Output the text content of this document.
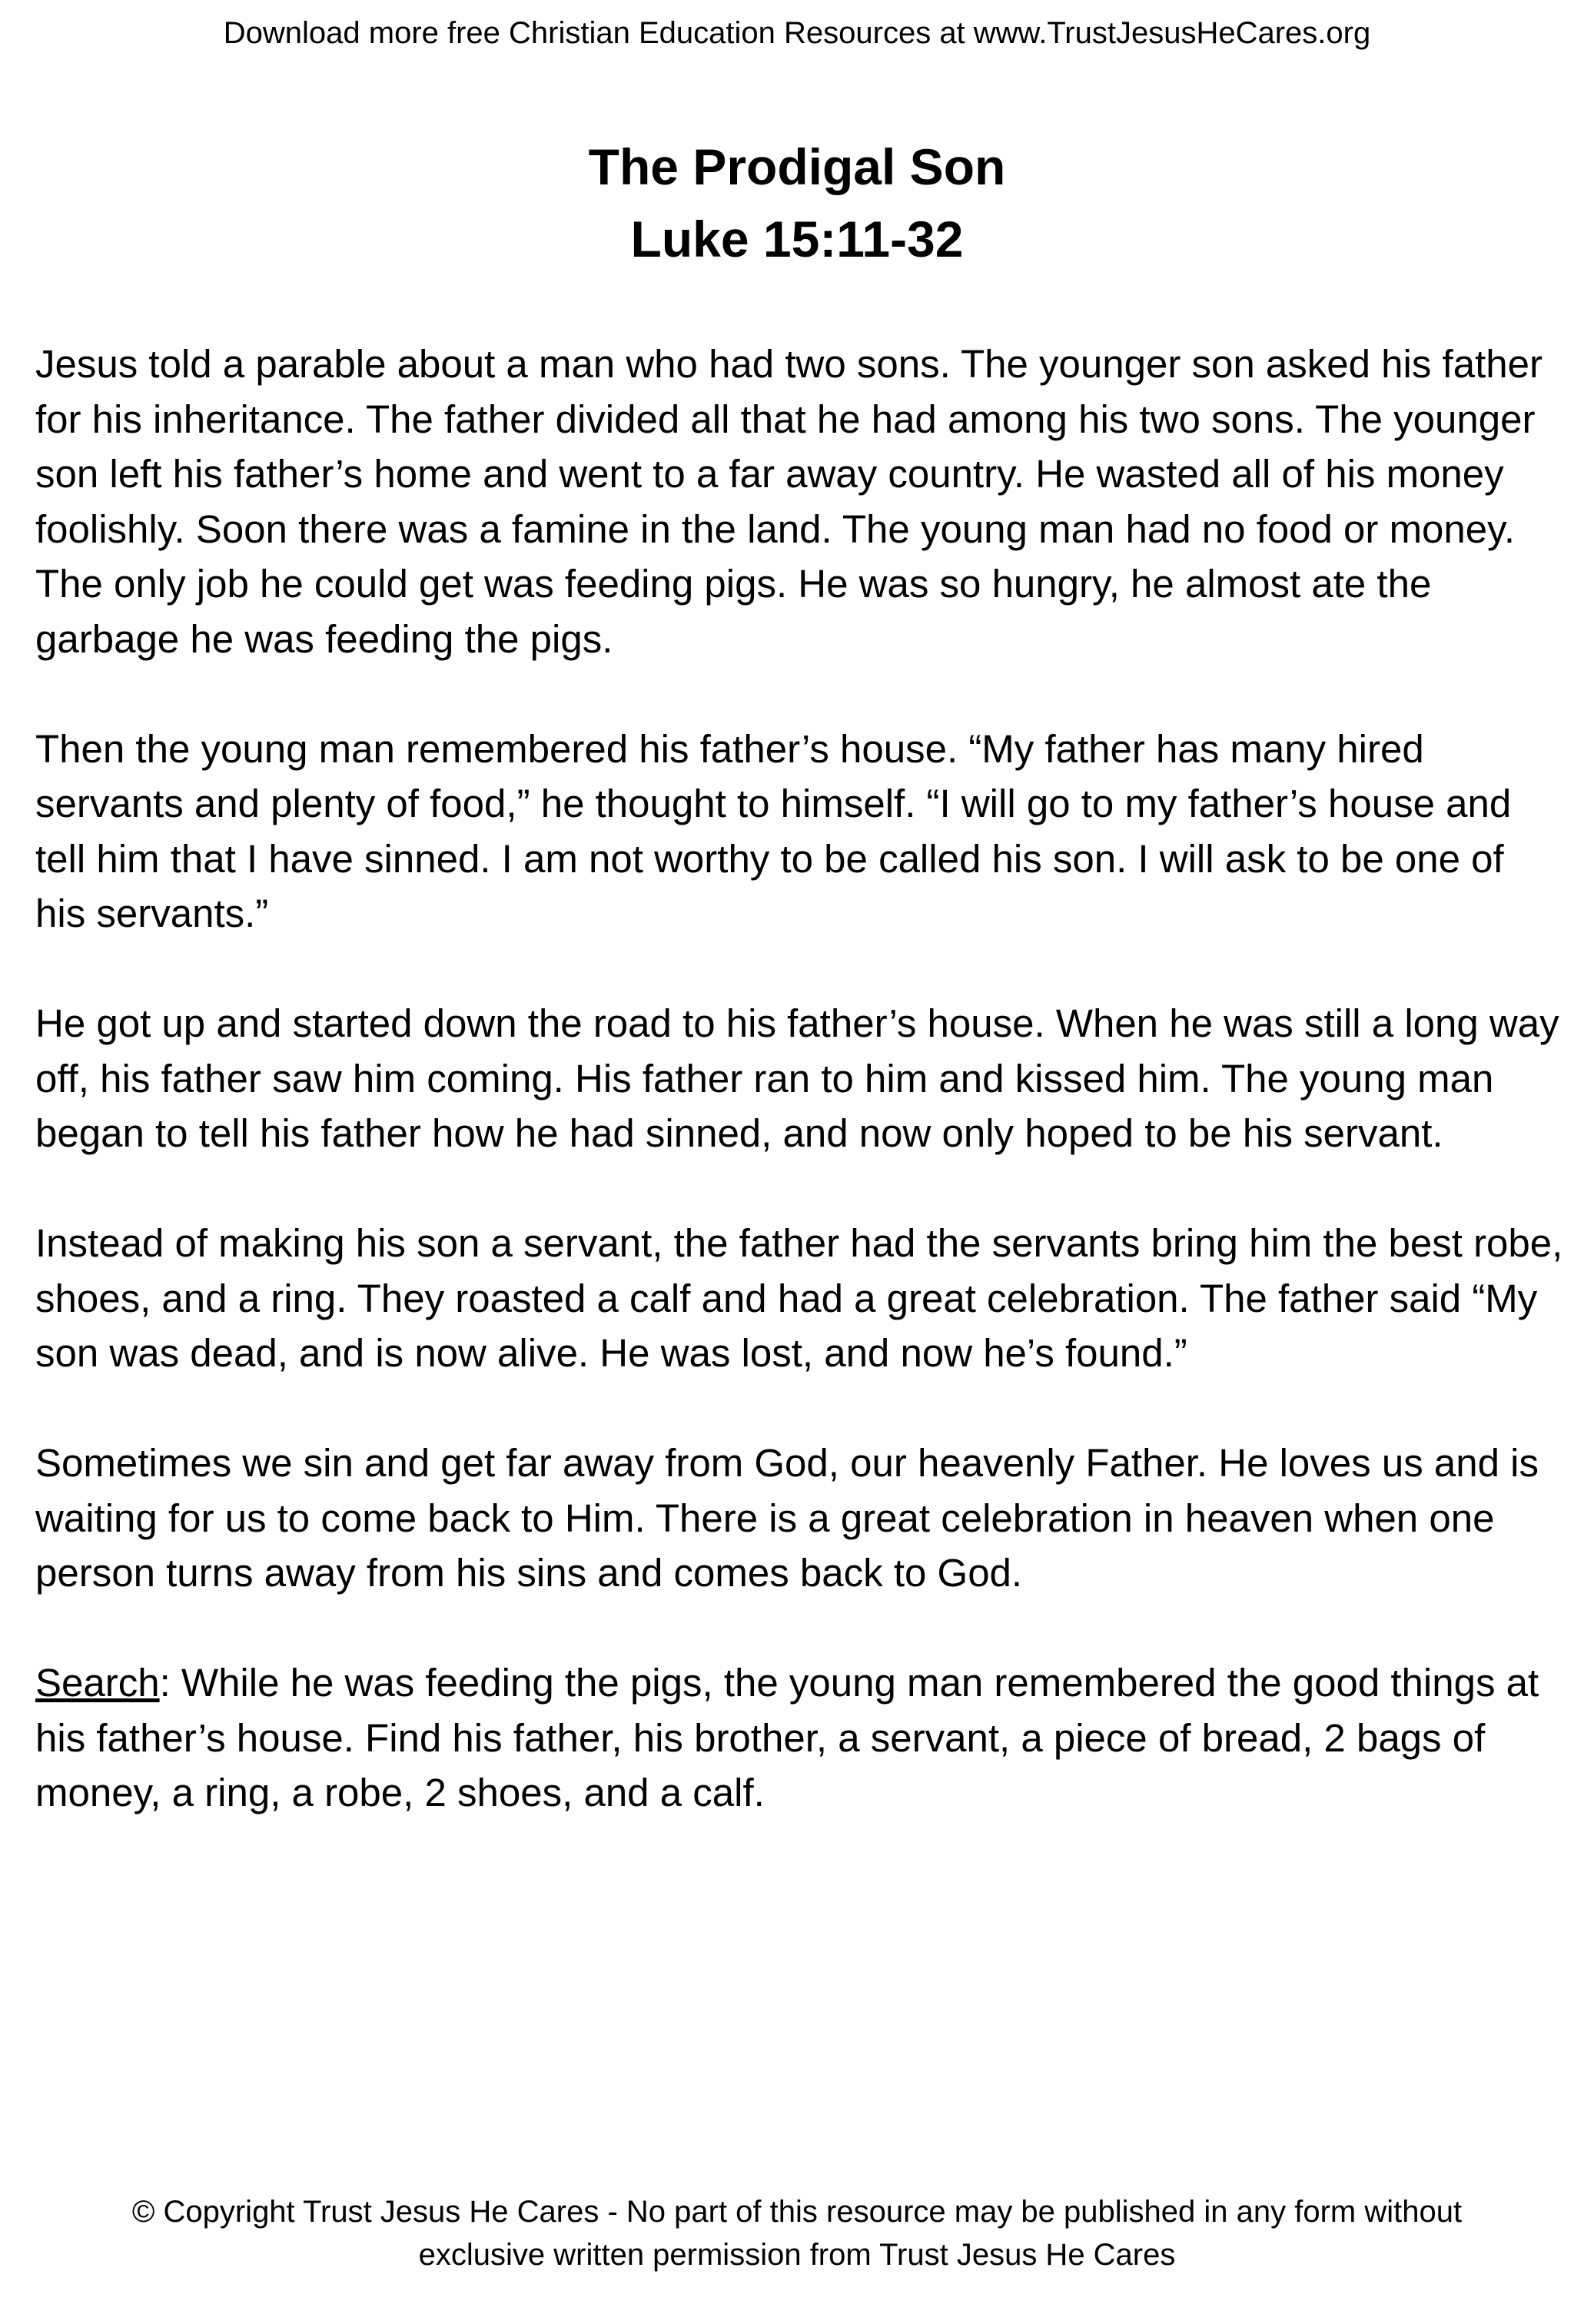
Download more free Christian Education Resources at www.TrustJesusHeCares.org
The Prodigal Son
Luke 15:11-32

Jesus told a parable about a man who had two sons. The younger son asked his father for his inheritance. The father divided all that he had among his two sons. The younger son left his father’s home and went to a far away country. He wasted all of his money foolishly. Soon there was a famine in the land. The young man had no food or money. The only job he could get was feeding pigs. He was so hungry, he almost ate the garbage he was feeding the pigs.

Then the young man remembered his father’s house. “My father has many hired servants and plenty of food,” he thought to himself. “I will go to my father’s house and tell him that I have sinned. I am not worthy to be called his son. I will ask to be one of his servants.”

He got up and started down the road to his father’s house. When he was still a long way off, his father saw him coming. His father ran to him and kissed him. The young man began to tell his father how he had sinned, and now only hoped to be his servant.

Instead of making his son a servant, the father had the servants bring him the best robe, shoes, and a ring. They roasted a calf and had a great celebration. The father said “My son was dead, and is now alive. He was lost, and now he’s found.”

Sometimes we sin and get far away from God, our heavenly Father. He loves us and is waiting for us to come back to Him. There is a great celebration in heaven when one person turns away from his sins and comes back to God.

Search: While he was feeding the pigs, the young man remembered the good things at his father’s house. Find his father, his brother, a servant, a piece of bread, 2 bags of money, a ring, a robe, 2 shoes, and a calf.

© Copyright Trust Jesus He Cares - No part of this resource may be published in any form without
exclusive written permission from Trust Jesus He Cares
